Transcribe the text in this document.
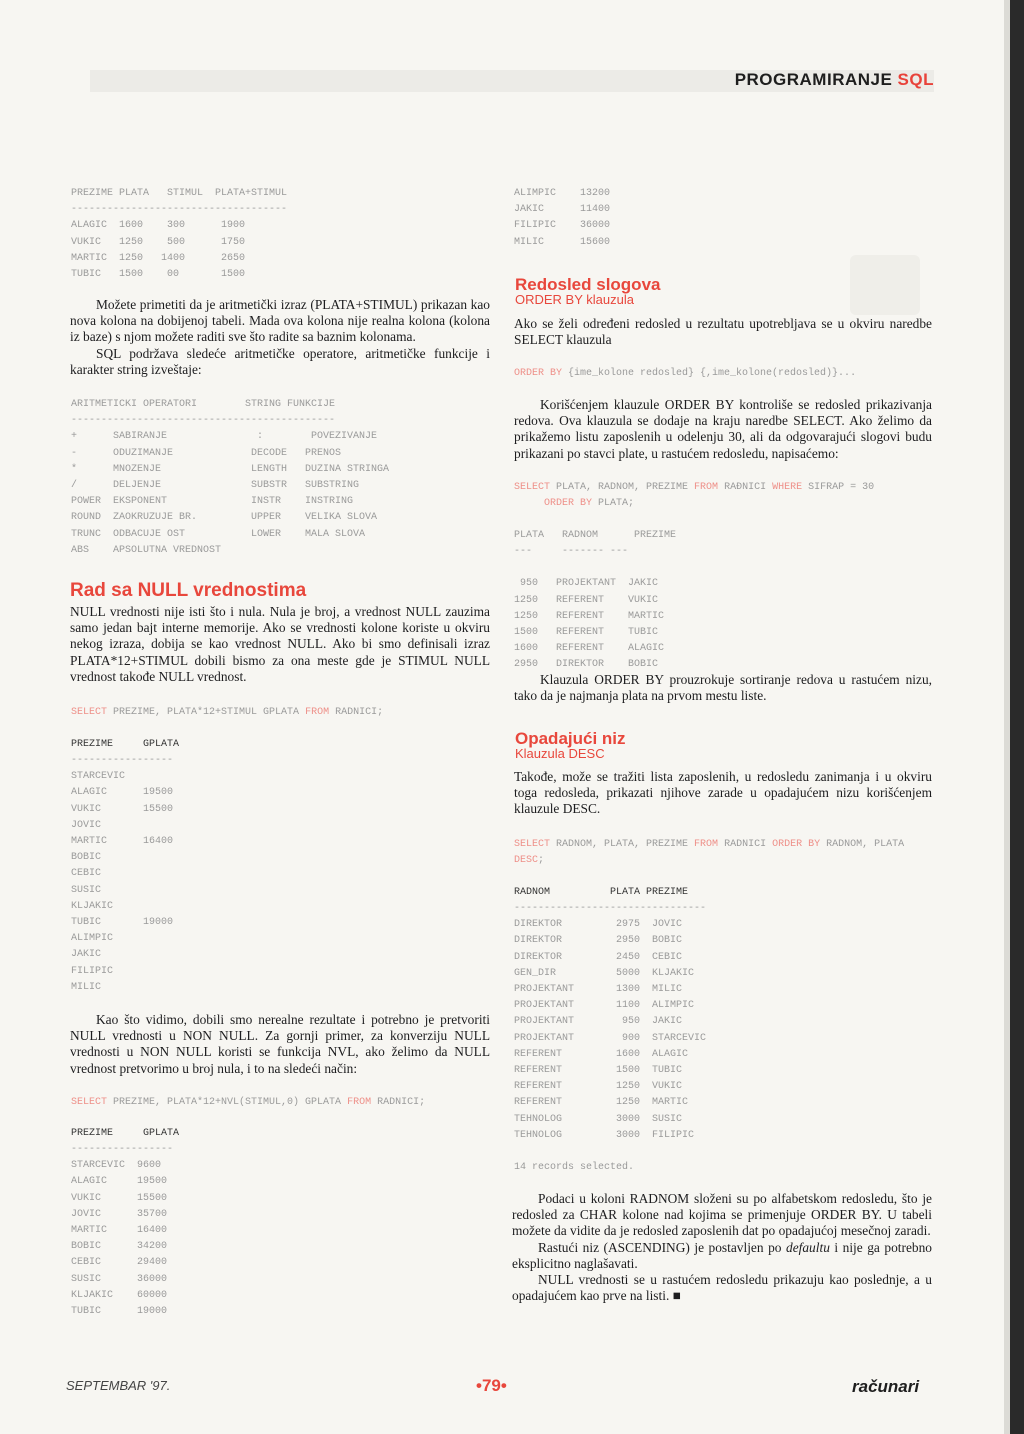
PROGRAMIRANJE SQL
PREZIME PLATA   STIMUL  PLATA+STIMUL
------------------------------------
ALAGIC  1600    300      1900
VUKIC   1250    500      1750
MARTIC  1250   1400      2650
TUBIC   1500    00       1500

Možete primetiti da je aritmetički izraz (PLATA+STIMUL) prikazan kao nova kolona na dobijenoj tabeli. Mada ova kolona nije realna kolona (kolona iz baze) s njom možete raditi sve što radite sa baznim kolonama.

SQL podržava sledeće aritmetičke operatore, aritmetičke funkcije i karakter string izveštaje:

ARITMETICKI OPERATORI        STRING FUNKCIJE
--------------------------------------------
+      SABIRANJE               :        POVEZIVANJE
-      ODUZIMANJE             DECODE   PRENOS
*      MNOZENJE               LENGTH   DUZINA STRINGA
/      DELJENJE               SUBSTR   SUBSTRING
POWER  EKSPONENT              INSTR    INSTRING
ROUND  ZAOKRUZUJE BR.         UPPER    VELIKA SLOVA
TRUNC  ODBACUJE OST           LOWER    MALA SLOVA
ABS    APSOLUTNA VREDNOST
Rad sa NULL vrednostima

NULL vrednosti nije isti što i nula. Nula je broj, a vrednost NULL zauzima samo jedan bajt interne memorije. Ako se vrednosti kolone koriste u okviru nekog izraza, dobija se kao vrednost NULL. Ako bi smo definisali izraz PLATA*12+STIMUL dobili bismo za ona meste gde je STIMUL NULL vrednost takođe NULL vrednost.

SELECT PREZIME, PLATA*12+STIMUL GPLATA FROM RADNICI;
PREZIME     GPLATA
-----------------
STARCEVIC
ALAGIC      19500
VUKIC       15500
JOVIC
MARTIC      16400
BOBIC
CEBIC
SUSIC
KLJAKIC
TUBIC       19000
ALIMPIC
JAKIC
FILIPIC
MILIC

Kao što vidimo, dobili smo nerealne rezultate i potrebno je pretvoriti NULL vrednosti u NON NULL. Za gornji primer, za konverziju NULL vrednosti u NON NULL koristi se funkcija NVL, ako želimo da NULL vrednost pretvorimo u broj nula, i to na sledeći način:

SELECT PREZIME, PLATA*12+NVL(STIMUL,0) GPLATA FROM RADNICI;
PREZIME     GPLATA
-----------------
STARCEVIC  9600
ALAGIC     19500
VUKIC      15500
JOVIC      35700
MARTIC     16400
BOBIC      34200
CEBIC      29400
SUSIC      36000
KLJAKIC    60000
TUBIC      19000
ALIMPIC    13200
JAKIC      11400
FILIPIC    36000
MILIC      15600
Redosled slogova
ORDER BY klauzula

Ako se želi određeni redosled u rezultatu upotrebljava se u okviru naredbe SELECT klauzula

ORDER BY {ime_kolone redosled} {,ime_kolone(redosled)}...

Korišćenjem klauzule ORDER BY kontroliše se redosled prikazivanja redova. Ova klauzula se dodaje na kraju naredbe SELECT. Ako želimo da prikažemo listu zaposlenih u odelenju 30, ali da odgovarajući slogovi budu prikazani po stavci plate, u rastućem redosledu, napisaćemo:

SELECT PLATA, RADNOM, PREZIME FROM RAĐNICI WHERE SIFRAP = 30
ORDER BY PLATA;
PLATA   RADNOM      PREZIME
---     ------- ---

950   PROJEKTANT  JAKIC
1250   REFERENT    VUKIC
1250   REFERENT    MARTIC
1500   REFERENT    TUBIC
1600   REFERENT    ALAGIC
2950   DIREKTOR    BOBIC

Klauzula ORDER BY prouzrokuje sortiranje redova u rastućem nizu, tako da je najmanja plata na prvom mestu liste.

Opadajući niz
Klauzula DESC

Takođe, može se tražiti lista zaposlenih, u redosledu zanimanja i u okviru toga redosleda, prikazati njihove zarade u opadajućem nizu korišćenjem klauzule DESC.

SELECT RADNOM, PLATA, PREZIME FROM RADNICI ORDER BY RADNOM, PLATA
DESC;
RADNOM          PLATA PREZIME
--------------------------------
DIREKTOR         2975  JOVIC
DIREKTOR         2950  BOBIC
DIREKTOR         2450  CEBIC
GEN_DIR          5000  KLJAKIC
PROJEKTANT       1300  MILIC
PROJEKTANT       1100  ALIMPIC
PROJEKTANT        950  JAKIC
PROJEKTANT        900  STARCEVIC
REFERENT         1600  ALAGIC
REFERENT         1500  TUBIC
REFERENT         1250  VUKIC
REFERENT         1250  MARTIC
TEHNOLOG         3000  SUSIC
TEHNOLOG         3000  FILIPIC
14 records selected.

Podaci u koloni RADNOM složeni su po alfabetskom redosledu, što je redosled za CHAR kolone nad kojima se primenjuje ORDER BY. U tabeli možete da vidite da je redosled zaposlenih dat po opadajućoj mesečnoj zaradi.

Rastući niz (ASCENDING) je postavljen po defaultu i nije ga potrebno eksplicitno naglašavati.

NULL vrednosti se u rastućem redosledu prikazuju kao poslednje, a u opadajućem kao prve na listi. ■

SEPTEMBAR '97.	•79•	računari
